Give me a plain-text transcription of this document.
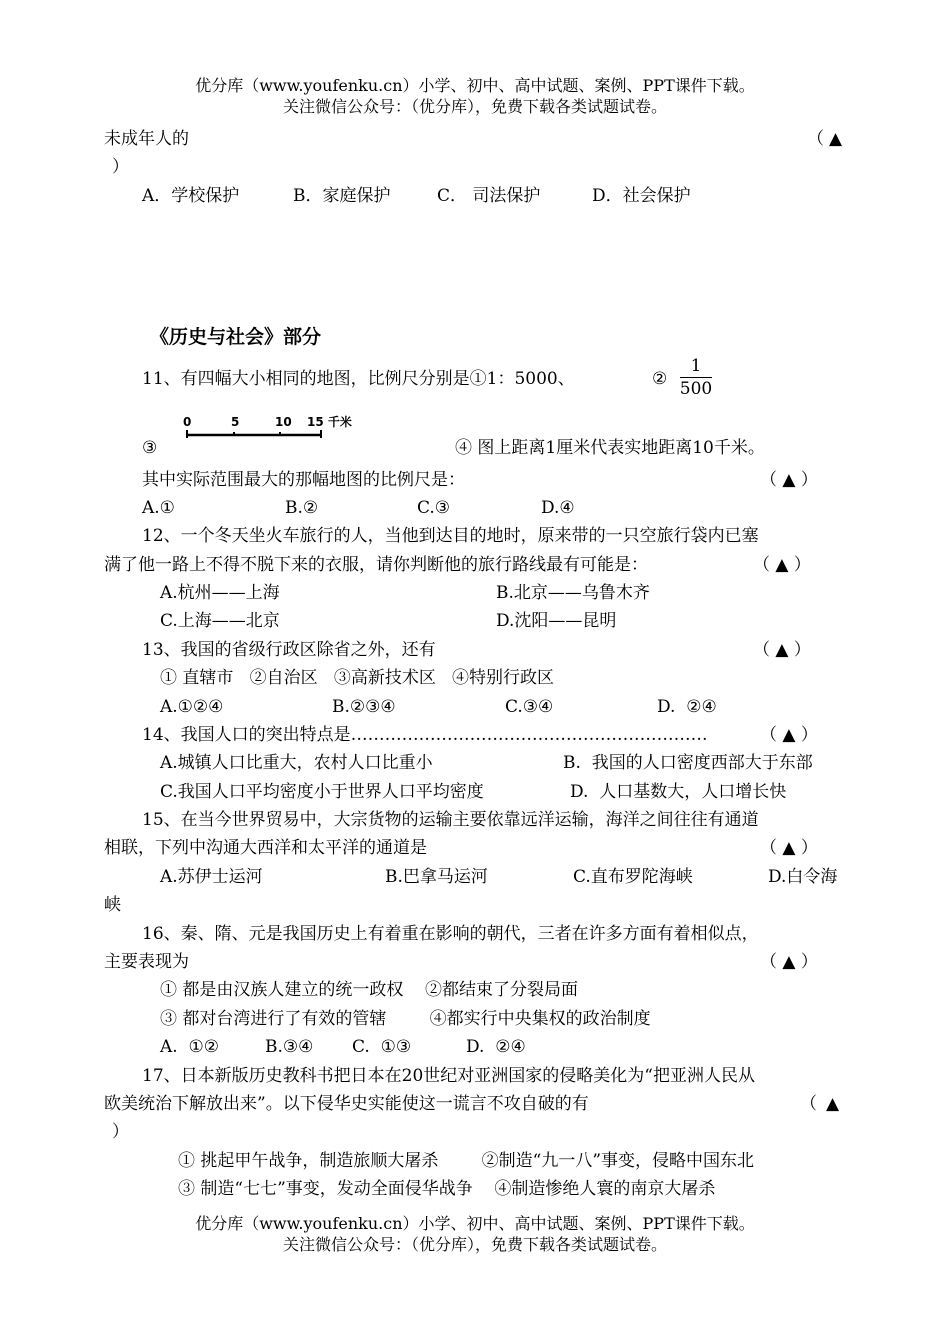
优分库（www.youfenku.cn）小学、初中、高中试题、案例、PPT课件下载。
关注微信公众号：（优分库），免费下载各类试题试卷。
未成年人的	（ ▲
）
A．学校保护	B．家庭保护	C． 司法保护	D．社会保护
《历史与社会》部分
11、有四幅大小相同的地图，比例尺分别是①1：5000、	②
1
500
③
0	5	10 15 千米
④ 图上距离1厘米代表实地距离10千米。
其中实际范围最大的那幅地图的比例尺是：	（ ▲ ）
A.①	B.②	C.③	D.④
12、一个冬天坐火车旅行的人，当他到达目的地时，原来带的一只空旅行袋内已塞
满了他一路上不得不脱下来的衣服，请你判断他的旅行路线最有可能是：	（ ▲ ）
A.杭州——上海	B.北京——乌鲁木齐
C.上海——北京	D.沈阳——昆明
13、我国的省级行政区除省之外，还有	（ ▲ ）
① 直辖市   ②自治区   ③高新技术区   ④特别行政区
A.①②④	B.②③④	C.③④	D.  ②④
14、我国人口的突出特点是………………………………………………………	（ ▲ ）
A.城镇人口比重大，农村人口比重小	B.  我国的人口密度西部大于东部
C.我国人口平均密度小于世界人口平均密度	D.  人口基数大，人口增长快
15、在当今世界贸易中，大宗货物的运输主要依靠远洋运输，海洋之间往往有通道
相联，下列中沟通大西洋和太平洋的通道是	（ ▲ ）
A.苏伊士运河	B.巴拿马运河	C.直布罗陀海峡	D.白令海
峡
16、秦、隋、元是我国历史上有着重在影响的朝代，三者在许多方面有着相似点，
主要表现为	（ ▲ ）
① 都是由汉族人建立的统一政权    ②都结束了分裂局面
③ 都对台湾进行了有效的管辖        ④都实行中央集权的政治制度
A.  ①②	B.③④ C.  ①③	D.  ②④
17、日本新版历史教科书把日本在20世纪对亚洲国家的侵略美化为“把亚洲人民从
欧美统治下解放出来”。以下侵华史实能使这一谎言不攻自破的有	（ ▲
）
① 挑起甲午战争，制造旅顺大屠杀        ②制造“九一八”事变，侵略中国东北
③ 制造“七七”事变，发动全面侵华战争    ④制造惨绝人寰的南京大屠杀
优分库（www.youfenku.cn）小学、初中、高中试题、案例、PPT课件下载。
关注微信公众号：（优分库），免费下载各类试题试卷。
